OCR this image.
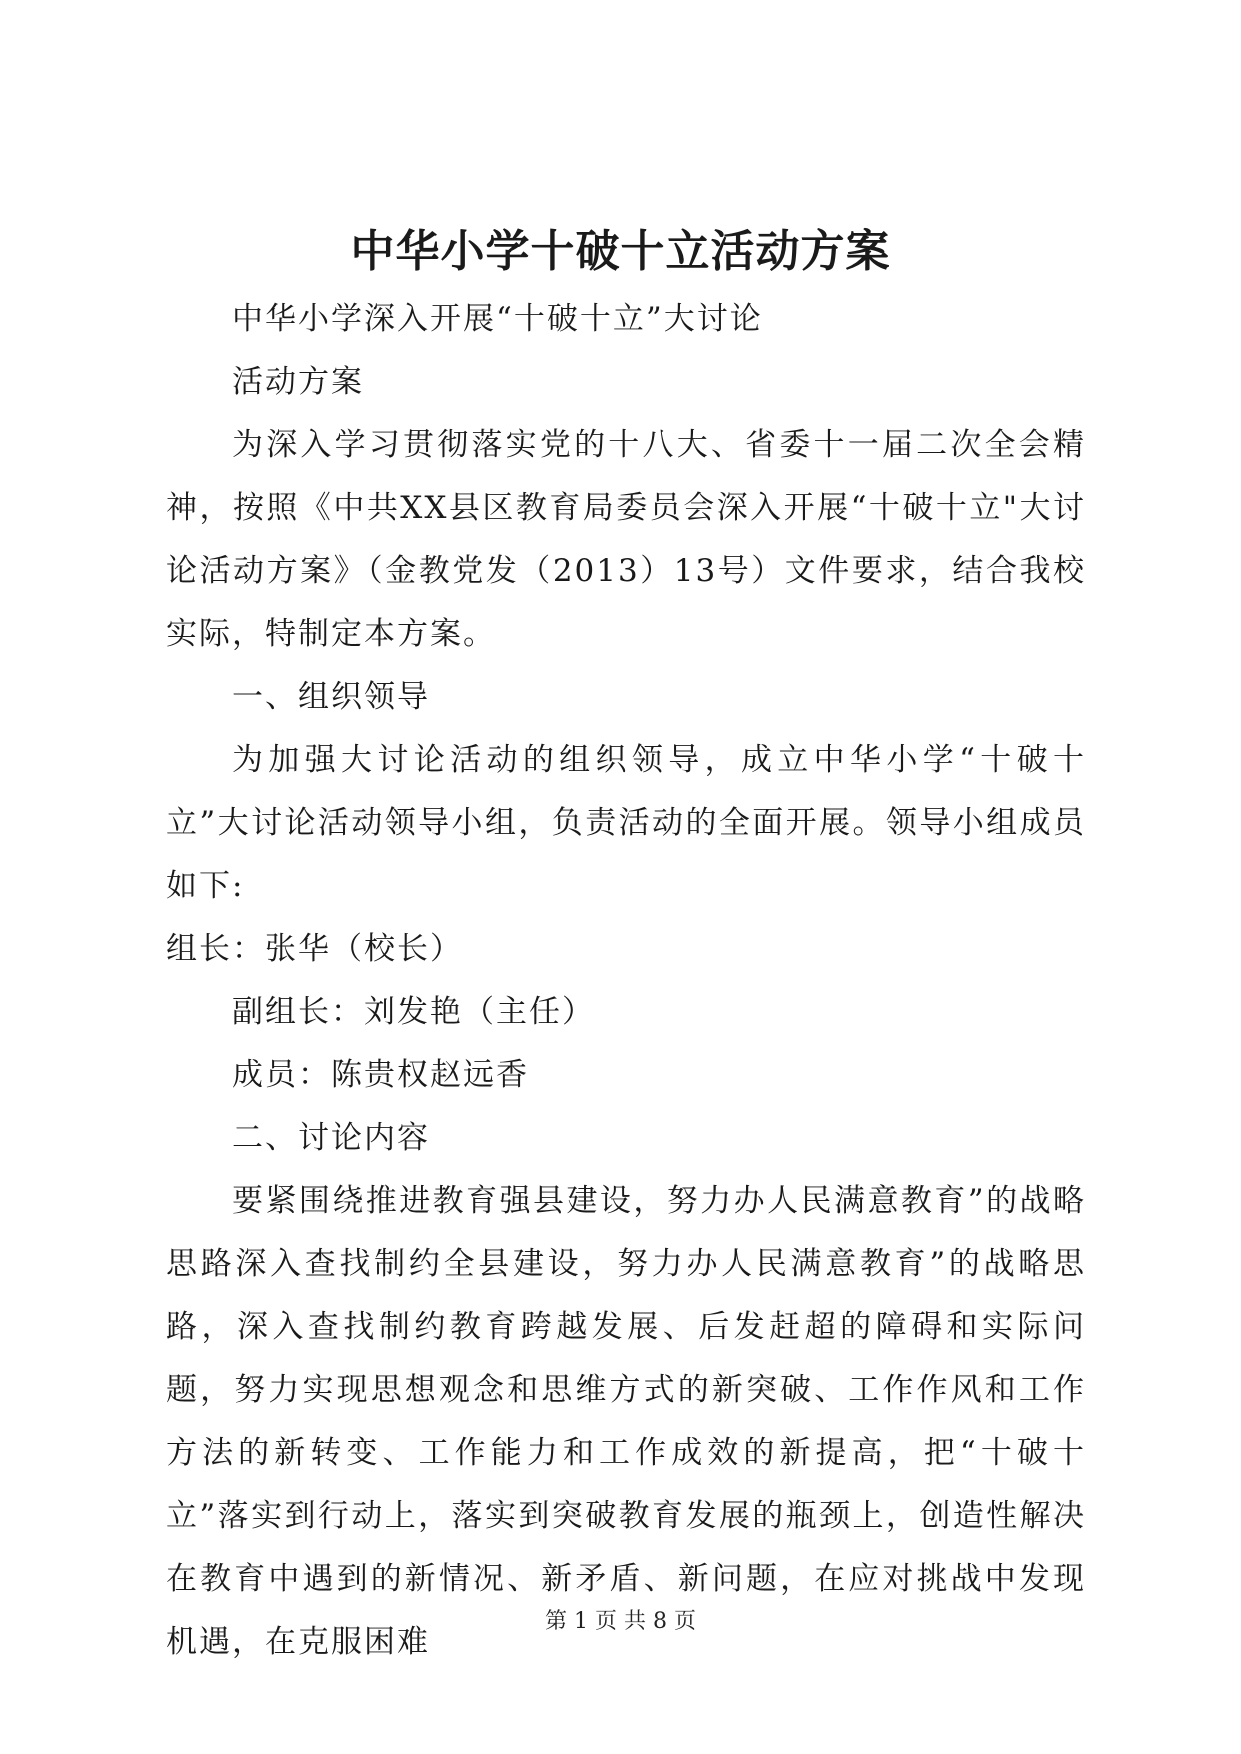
中华小学十破十立活动方案

中华小学深入开展“十破十立”大讨论

活动方案

为深入学习贯彻落实党的十八大、省委十一届二次全会精神，按照《中共XX县区教育局委员会深入开展“十破十立"大讨论活动方案》（金教党发（2013）13号）文件要求，结合我校实际，特制定本方案。

一、组织领导

为加强大讨论活动的组织领导，成立中华小学“十破十立”大讨论活动领导小组，负责活动的全面开展。领导小组成员如下:

组长：张华（校长）

副组长：刘发艳（主任）

成员：陈贵权赵远香

二、讨论内容

要紧围绕推进教育强县建设，努力办人民满意教育”的战略思路深入查找制约全县建设，努力办人民满意教育”的战略思路，深入查找制约教育跨越发展、后发赶超的障碍和实际问题，努力实现思想观念和思维方式的新突破、工作作风和工作方法的新转变、工作能力和工作成效的新提高，把“十破十立”落实到行动上，落实到突破教育发展的瓶颈上，创造性解决在教育中遇到的新情况、新矛盾、新问题，在应对挑战中发现机遇，在克服困难

第 1 页 共 8 页
